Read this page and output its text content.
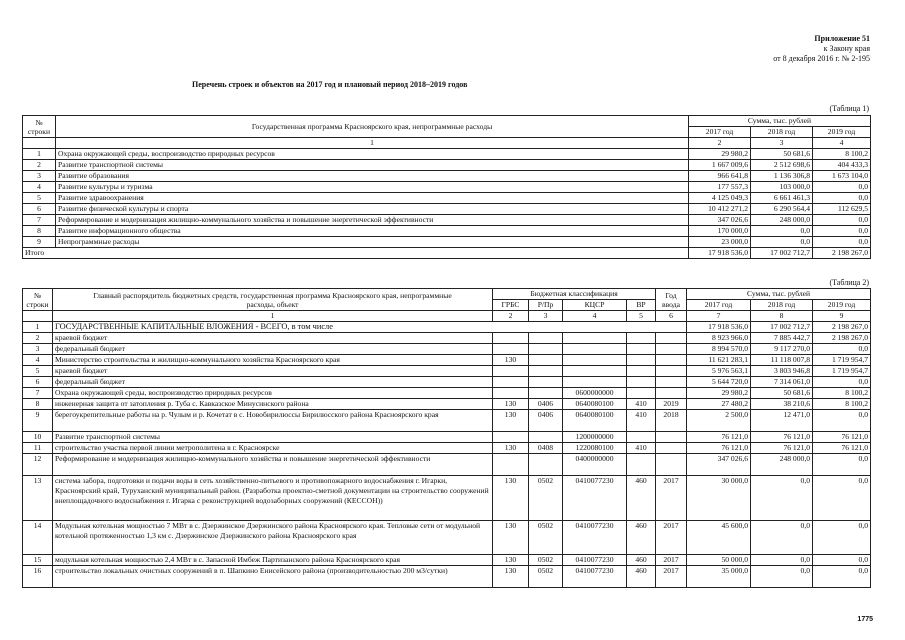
Приложение 51
к Закону края
от 8 декабря 2016 г. № 2-195
Перечень строек и объектов на 2017 год и плановый период 2018–2019 годов
(Таблица 1)
№ строки	Государственная программа Красноярского края, непрограммные расходы	Сумма, тыс. рублей		
		2017 год	2018 год	2019 год
	1	2	3	4
1	Охрана окружающей среды, воспроизводство природных ресурсов	29 980,2	50 681,6	8 100,2
2	Развитие транспортной системы	1 667 009,6	2 512 698,6	404 433,3
3	Развитие образования	966 641,8	1 136 306,8	1 673 104,0
4	Развитие культуры и туризма	177 557,3	103 000,0	0,0
5	Развитие здравоохранения	4 125 049,3	6 661 461,3	0,0
6	Развитие физической культуры и спорта	10 412 271,2	6 290 564,4	112 629,5
7	Реформирование и модернизация жилищно-коммунального хозяйства и повышение энергетической эффективности	347 026,6	248 000,0	0,0
8	Развитие информационного общества	170 000,0	0,0	0,0
9	Непрограммные расходы	23 000,0	0,0	0,0
Итого		17 918 536,0	17 002 712,7	2 198 267,0
(Таблица 2)
№ строки	Главный распорядитель бюджетных средств, государственная программа Красноярского края, непрограммные расходы, объект	Бюджетная классификация				Год ввода	Сумма, тыс. рублей		
		ГРБС	Р/Пр	КЦСР	ВР		2017 год	2018 год	2019 год
	1	2	3	4	5	6	7	8	9
1	ГОСУДАРСТВЕННЫЕ КАПИТАЛЬНЫЕ ВЛОЖЕНИЯ - ВСЕГО, в том числе						17 918 536,0	17 002 712,7	2 198 267,0
2	краевой бюджет						8 923 966,0	7 885 442,7	2 198 267,0
3	федеральный бюджет						8 994 570,0	9 117 270,0	0,0
4	Министерство строительства и жилищно-коммунального хозяйства Красноярского края	130					11 621 283,1	11 118 007,8	1 719 954,7
5	краевой бюджет						5 976 563,1	3 803 946,8	1 719 954,7
6	федеральный бюджет						5 644 720,0	7 314 061,0	0,0
7	Охрана окружающей среды, воспроизводство природных ресурсов			0600000000			29 980,2	50 681,6	8 100,2
8	инженерная защита от затопления р. Туба с. Кавказское Минусинского района	130	0406	0640080100	410	2019	27 480,2	38 210,6	8 100,2
9	берегоукрепительные работы на р. Чулым и р. Кочетат в с. Новобирилюссы Бирилюсского района Красноярского края	130	0406	0640080100	410	2018	2 500,0	12 471,0	0,0
10	Развитие транспортной системы			1200000000			76 121,0	76 121,0	76 121,0
11	строительство участка первой линии метрополитена в г. Красноярске	130	0408	1220080100	410		76 121,0	76 121,0	76 121,0
12	Реформирование и модернизация жилищно-коммунального хозяйства и повышение энергетической эффективности			0400000000			347 026,6	248 000,0	0,0
13	система забора, подготовки и подачи воды в сеть хозяйственно-питьевого и противопожарного водоснабжения г. Игарки, Красноярский край, Туруханский муниципальный район. (Разработка проектно-сметной документации на строительство сооружений внеплощадочного водоснабжения г. Игарка с реконструкцией водозаборных сооружений (КЕССОН))	130	0502	0410077230	460	2017	30 000,0	0,0	0,0
14	Модульная котельная мощностью 7 МВт в с. Дзержинское Дзержинского района Красноярского края. Тепловые сети от модульной котельной протяженностью 1,3 км с. Дзержинское Дзержинского района Красноярского края	130	0502	0410077230	460	2017	45 600,0	0,0	0,0
15	модульная котельная мощностью 2,4 МВт в с. Запасной Имбеж Партизанского района Красноярского края	130	0502	0410077230	460	2017	50 000,0	0,0	0,0
16	строительство локальных очистных сооружений в п. Шапкино Енисейского района (производительностью 200 м3/сутки)	130	0502	0410077230	460	2017	35 000,0	0,0	0,0
1775
